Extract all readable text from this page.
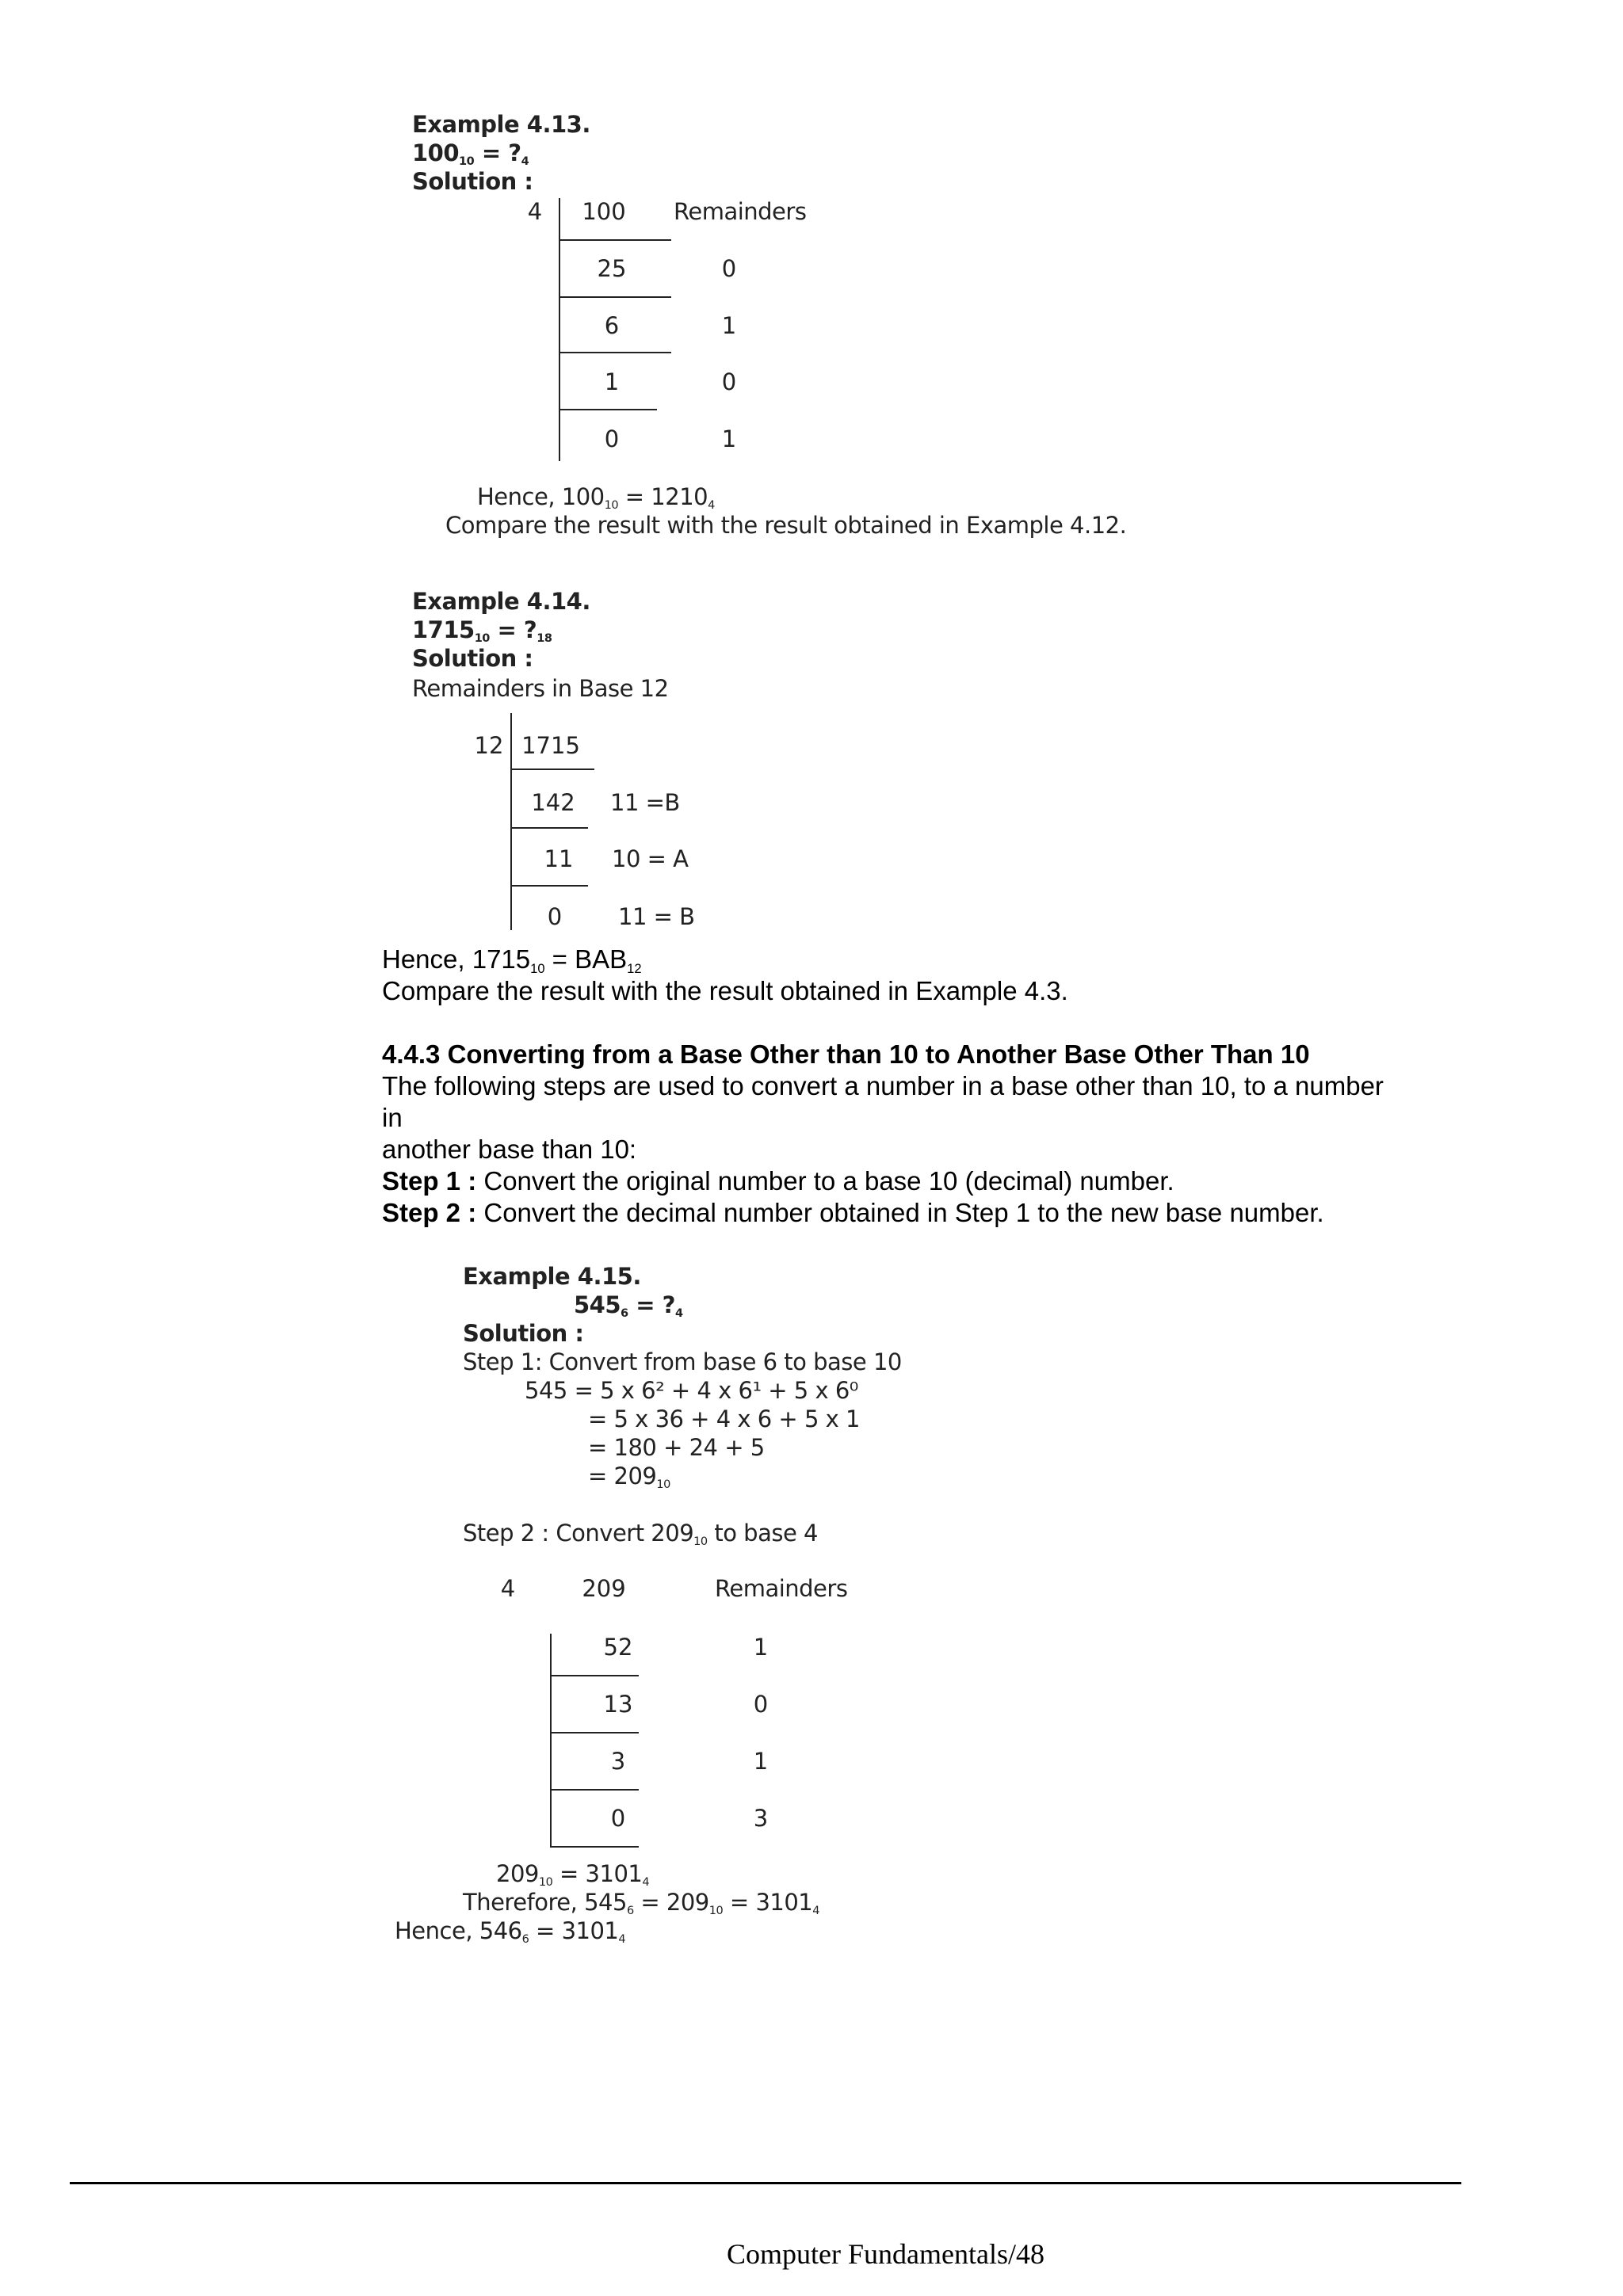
Example 4.13.
$100_{10}$ = $?_4$
Solution :
4	100	Remainders
25	0
6	1
1	0
0	1
Hence, $100_{10} = 1210_4$
Compare the result with the result obtained in Example 4.12.
Example 4.14.
$1715_{10}$ = $?_{18}$
Solution :
Remainders in Base 12
12 1715
142	11 =B
11	10 = A
0	11 = B
Hence, $1715_{10} = BAB_{12}$
Compare the result with the result obtained in Example 4.3.
4.4.3 Converting from a Base Other than 10 to Another Base Other Than 10
The following steps are used to convert a number in a base other than 10, to a number
in
another base than 10:
Step 1 : Convert the original number to a base 10 (decimal) number.
Step 2 : Convert the decimal number obtained in Step 1 to the new base number.
Example 4.15.
$545_6$ = $?_4$
Solution :
Step 1: Convert from base 6 to base 10
545 = 5 x 6² + 4 x 6¹ + 5 x 6⁰
= 5 x 36 + 4 x 6 + 5 x 1
= 180 + 24 + 5
= $209_{10}$
Step 2 : Convert $209_{10}$ to base 4
4	209	Remainders
52	1
13	0
3	1
0	3
$209_{10} = 3101_4$
Therefore, $545_6 = 209_{10} = 3101_4$
Hence, $546_6 = 3101_4$
Computer Fundamentals/48
